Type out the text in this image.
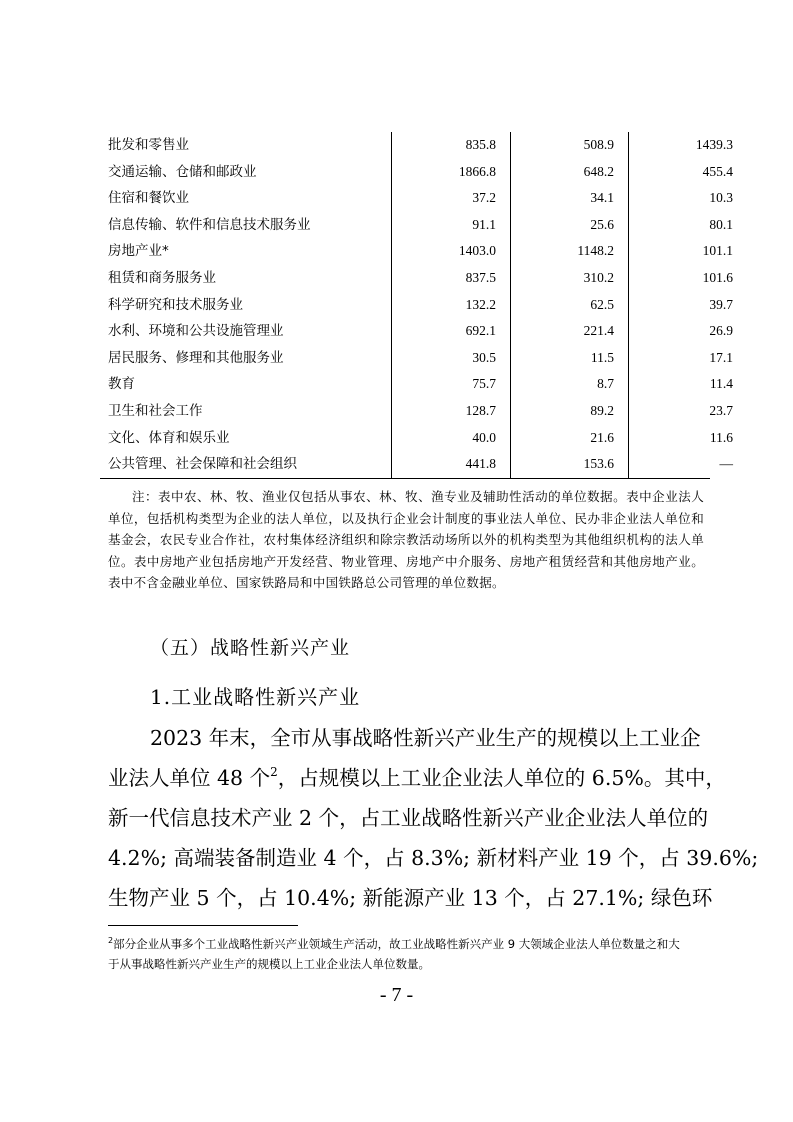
批发和零售业	835.8	508.9	1439.3
交通运输、仓储和邮政业	1866.8	648.2	455.4
住宿和餐饮业	37.2	34.1	10.3
信息传输、软件和信息技术服务业	91.1	25.6	80.1
房地产业*	1403.0	1148.2	101.1
租赁和商务服务业	837.5	310.2	101.6
科学研究和技术服务业	132.2	62.5	39.7
水利、环境和公共设施管理业	692.1	221.4	26.9
居民服务、修理和其他服务业	30.5	11.5	17.1
教育	75.7	8.7	11.4
卫生和社会工作	128.7	89.2	23.7
文化、体育和娱乐业	40.0	21.6	11.6
公共管理、社会保障和社会组织	441.8	153.6	—
注：表中农、林、牧、渔业仅包括从事农、林、牧、渔专业及辅助性活动的单位数据。表中企业法人单位，包括机构类型为企业的法人单位，以及执行企业会计制度的事业法人单位、民办非企业法人单位和基金会，农民专业合作社，农村集体经济组织和除宗教活动场所以外的机构类型为其他组织机构的法人单位。表中房地产业包括房地产开发经营、物业管理、房地产中介服务、房地产租赁经营和其他房地产业。表中不含金融业单位、国家铁路局和中国铁路总公司管理的单位数据。
（五）战略性新兴产业
1.工业战略性新兴产业
2023 年末，全市从事战略性新兴产业生产的规模以上工业企
业法人单位 48 个$^2$，占规模以上工业企业法人单位的 6.5%。其中，
新一代信息技术产业 2 个，占工业战略性新兴产业企业法人单位的
4.2%; 高端装备制造业 4 个，占 8.3%; 新材料产业 19 个，占 39.6%;
生物产业 5 个，占 10.4%; 新能源产业 13 个，占 27.1%; 绿色环
$^2$部分企业从事多个工业战略性新兴产业领域生产活动，故工业战略性新兴产业 9 大领域企业法人单位数量之和大
于从事战略性新兴产业生产的规模以上工业企业法人单位数量。
- 7 -
